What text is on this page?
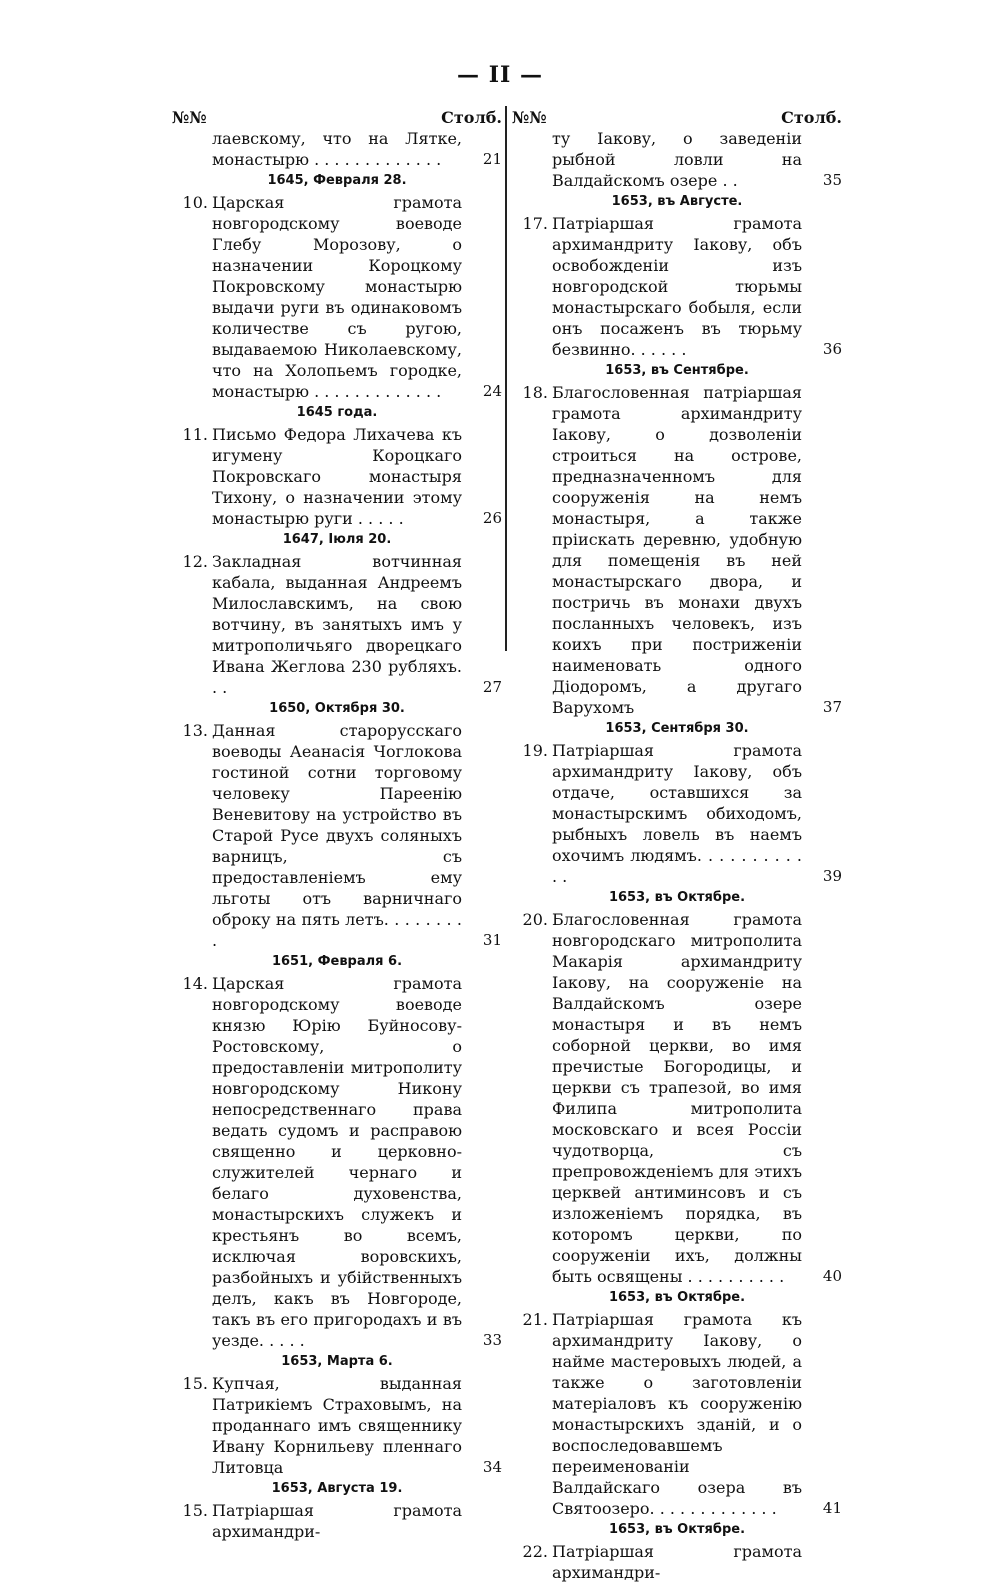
— II —
№№	Столб.
лаевскому, что на Лятке, монастырю . . . . . . . . . . . . .	21
1645, Февраля 28.
10. Царская грамота новгородскому воеводе Глебу Морозову, о назначении Короцкому Покровскому монастырю выдачи руги въ одинаковомъ количестве съ ругою, выдаваемою Николаевскому, что на Холопьемъ городке, монастырю . . . . . . . . . . . . .	24
1645 года.
11. Письмо Федора Лихачева къ игумену Короцкаго Покровскаго монастыря Тихону, о назначении этому монастырю руги . . . . .	26
1647, Іюля 20.
12. Закладная вотчинная кабала, выданная Андреемъ Милославскимъ, на свою вотчину, въ занятыхъ имъ у митрополичьяго дворецкаго Ивана Жеглова 230 рубляхъ. . .	27
1650, Октября 30.
13. Данная старорусскаго воеводы Аеанасія Чоглокова гостиной сотни торговому человеку Пареенію Веневитову на устройство въ Старой Русе двухъ соляныхъ варницъ, съ предоставленіемъ ему льготы отъ варничнаго оброку на пять летъ. . . . . . . . .	31
1651, Февраля 6.
14. Царская грамота новгородскому воеводе князю Юрію Буйносову-Ростовскому, о предоставленіи митрополиту новгородскому Никону непосредственнаго права ведать судомъ и расправою священно и церковно-служителей чернаго и белаго духовенства, монастырскихъ служекъ и крестьянъ во всемъ, исключая воровскихъ, разбойныхъ и убійственныхъ делъ, какъ въ Новгороде, такъ въ его пригородахъ и въ уезде. . . . .	33
1653, Марта 6.
15. Купчая, выданная Патрикіемъ Страховымъ, на проданнаго имъ священнику Ивану Корнильеву пленнаго Литовца	34
1653, Августа 19.
15. Патріаршая грамота архимандри-
№№	Столб.
ту Іакову, о заведеніи рыбной ловли на Валдайскомъ озере . .	35
1653, въ Августе.
17. Патріаршая грамота архимандриту Іакову, объ освобожденіи изъ новгородской тюрьмы монастырскаго бобыля, если онъ посаженъ въ тюрьму безвинно. . . . . .	36
1653, въ Сентябре.
18. Благословенная патріаршая грамота архимандриту Іакову, о дозволеніи строиться на острове, предназначенномъ для сооруженія на немъ монастыря, а также пріискать деревню, удобную для помещенія въ ней монастырскаго двора, и постричь въ монахи двухъ посланныхъ человекъ, изъ коихъ при постриженіи наименовать одного Діодоромъ, а другаго Варухомъ	37
1653, Сентября 30.
19. Патріаршая грамота архимандриту Іакову, объ отдаче, оставшихся за монастырскимъ обиходомъ, рыбныхъ ловель въ наемъ охочимъ людямъ. . . . . . . . . . . .	39
1653, въ Октябре.
20. Благословенная грамота новгородскаго митрополита Макарія архимандриту Іакову, на сооруженіе на Валдайскомъ озере монастыря и въ немъ соборной церкви, во имя пречистые Богородицы, и церкви съ трапезой, во имя Филипа митрополита московскаго и всея Россіи чудотворца, съ препровожденіемъ для этихъ церквей антиминсовъ и съ изложеніемъ порядка, въ которомъ церкви, по сооруженіи ихъ, должны быть освящены . . . . . . . . . .	40
1653, въ Октябре.
21. Патріаршая грамота къ архимандриту Іакову, о найме мастеровыхъ людей, а также о заготовленіи матеріаловъ къ сооруженію монастырскихъ зданій, и о воспоследовавшемъ переименованіи Валдайскаго озера въ Святоозеро. . . . . . . . . . . . .	41
1653, въ Октябре.
22. Патріаршая грамота архимандри-
